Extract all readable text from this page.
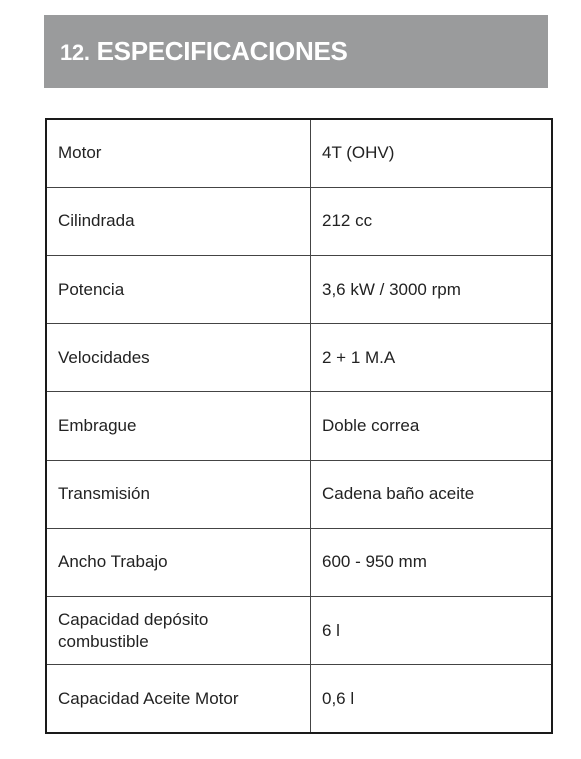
12. ESPECIFICACIONES
Motor	4T (OHV)
Cilindrada	212 cc
Potencia	3,6 kW / 3000 rpm
Velocidades	2 + 1 M.A
Embrague	Doble correa
Transmisión	Cadena baño aceite
Ancho Trabajo	600 - 950 mm
Capacidad depósito combustible	6 l
Capacidad Aceite Motor	0,6 l
